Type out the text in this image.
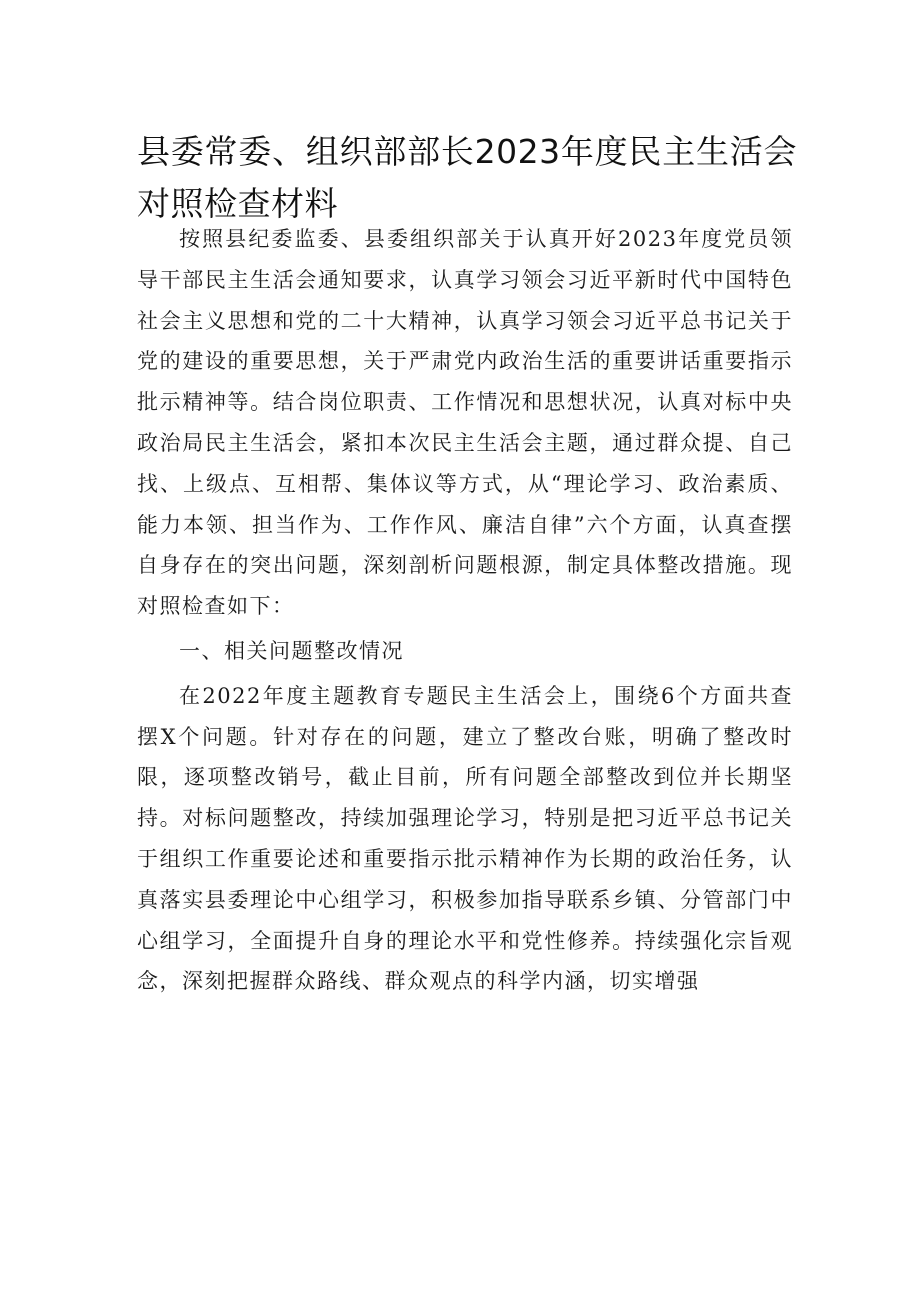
县委常委、组织部部长2023年度民主生活会对照检查材料

按照县纪委监委、县委组织部关于认真开好2023年度党员领导干部民主生活会通知要求，认真学习领会习近平新时代中国特色社会主义思想和党的二十大精神，认真学习领会习近平总书记关于党的建设的重要思想，关于严肃党内政治生活的重要讲话重要指示批示精神等。结合岗位职责、工作情况和思想状况，认真对标中央政治局民主生活会，紧扣本次民主生活会主题，通过群众提、自己找、上级点、互相帮、集体议等方式，从“理论学习、政治素质、能力本领、担当作为、工作作风、廉洁自律”六个方面，认真查摆自身存在的突出问题，深刻剖析问题根源，制定具体整改措施。现对照检查如下：

一、相关问题整改情况

在2022年度主题教育专题民主生活会上，围绕6个方面共查摆X个问题。针对存在的问题，建立了整改台账，明确了整改时限，逐项整改销号，截止目前，所有问题全部整改到位并长期坚持。对标问题整改，持续加强理论学习，特别是把习近平总书记关于组织工作重要论述和重要指示批示精神作为长期的政治任务，认真落实县委理论中心组学习，积极参加指导联系乡镇、分管部门中心组学习，全面提升自身的理论水平和党性修养。持续强化宗旨观念，深刻把握群众路线、群众观点的科学内涵，切实增强
